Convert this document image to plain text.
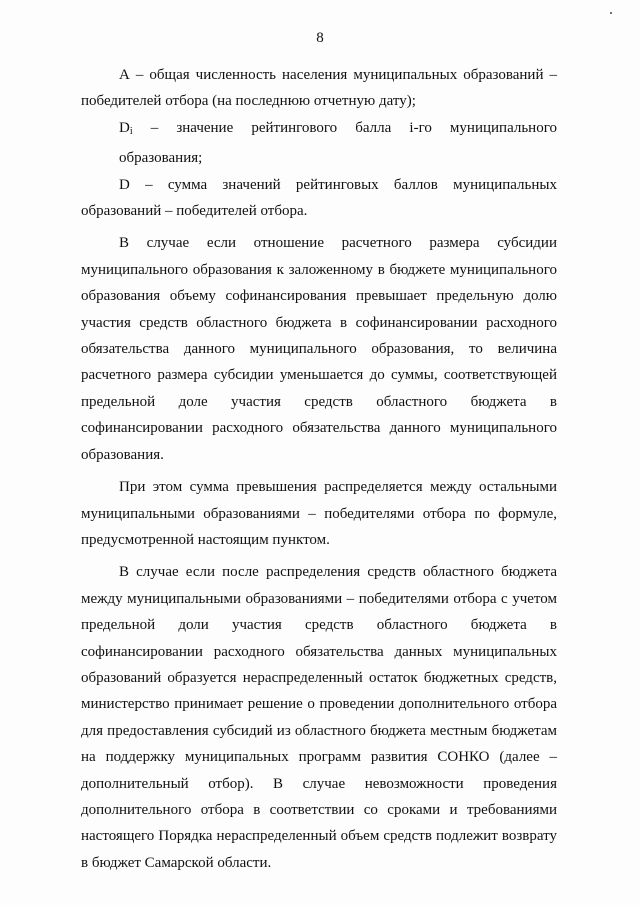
8

А – общая численность населения муниципальных образований –
победителей отбора (на последнюю отчетную дату);

$D_i$ – значение рейтингового балла i-го муниципального образования;

D – сумма значений рейтинговых баллов муниципальных
образований – победителей отбора.

В случае если отношение расчетного размера субсидии
муниципального образования к заложенному в бюджете муниципального
образования объему софинансирования превышает предельную долю
участия средств областного бюджета в софинансировании расходного
обязательства данного муниципального образования, то величина
расчетного размера субсидии уменьшается до суммы, соответствующей
предельной доле участия средств областного бюджета в
софинансировании расходного обязательства данного муниципального
образования.

При этом сумма превышения распределяется между остальными
муниципальными образованиями – победителями отбора по формуле,
предусмотренной настоящим пунктом.

В случае если после распределения средств областного бюджета
между муниципальными образованиями – победителями отбора с учетом
предельной доли участия средств областного бюджета в
софинансировании расходного обязательства данных муниципальных
образований образуется нераспределенный остаток бюджетных средств,
министерство принимает решение о проведении дополнительного отбора
для предоставления субсидий из областного бюджета местным бюджетам
на поддержку муниципальных программ развития СОНКО (далее –
дополнительный отбор). В случае невозможности проведения
дополнительного отбора в соответствии со сроками и требованиями
настоящего Порядка нераспределенный объем средств подлежит возврату
в бюджет Самарской области.
